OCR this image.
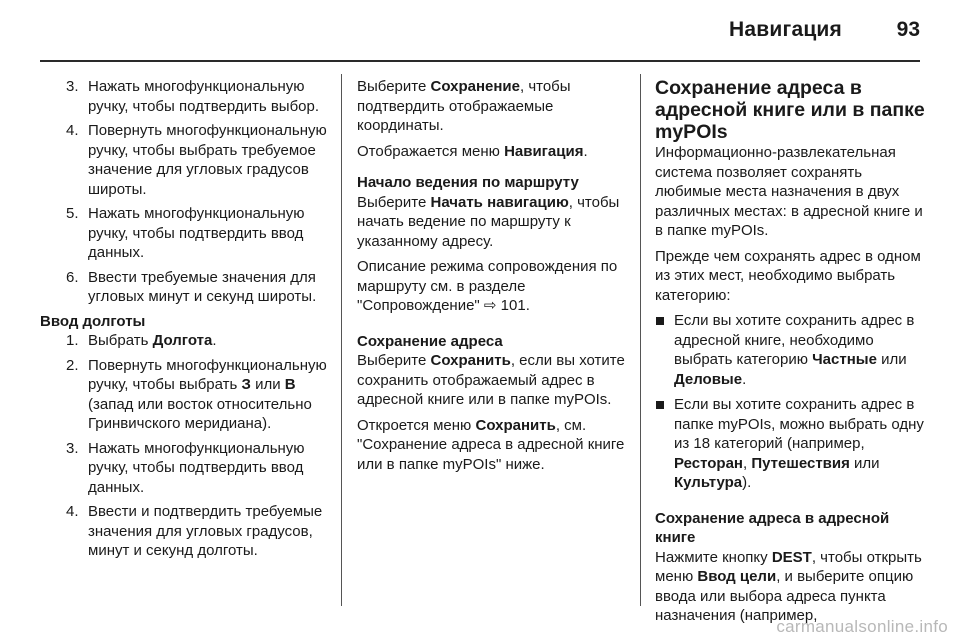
Навигация	93
3. Нажать многофункциональную ручку, чтобы подтвердить выбор.
4. Повернуть многофункциональную ручку, чтобы выбрать требуемое значение для угловых градусов широты.
5. Нажать многофункциональную ручку, чтобы подтвердить ввод данных.
6. Ввести требуемые значения для угловых минут и секунд широты.
Ввод долготы
1. Выбрать Долгота.
2. Повернуть многофункциональную ручку, чтобы выбрать З или В (запад или восток относительно Гринвичского меридиана).
3. Нажать многофункциональную ручку, чтобы подтвердить ввод данных.
4. Ввести и подтвердить требуемые значения для угловых градусов, минут и секунд долготы.

Выберите Сохранение, чтобы подтвердить отображаемые координаты.

Отображается меню Навигация.

Начало ведения по маршруту

Выберите Начать навигацию, чтобы начать ведение по маршруту к указанному адресу.

Описание режима сопровождения по маршруту см. в разделе "Сопровождение" ⇨ 101.

Сохранение адреса

Выберите Сохранить, если вы хотите сохранить отображаемый адрес в адресной книге или в папке myPOIs.

Откроется меню Сохранить, см. "Сохранение адреса в адресной книге или в папке myPOIs" ниже.

Сохранение адреса в адресной книге или в папке myPOIs

Информационно-развлекательная система позволяет сохранять любимые места назначения в двух различных местах: в адресной книге и в папке myPOIs.

Прежде чем сохранять адрес в одном из этих мест, необходимо выбрать категорию:

Если вы хотите сохранить адрес в адресной книге, необходимо выбрать категорию Частные или Деловые.
Если вы хотите сохранить адрес в папке myPOIs, можно выбрать одну из 18 категорий (например, Ресторан, Путешествия или Культура).
Сохранение адреса в адресной книге

Нажмите кнопку DEST, чтобы открыть меню Ввод цели, и выберите опцию ввода или выбора адреса пункта назначения (например,

carmanualsonline.info
